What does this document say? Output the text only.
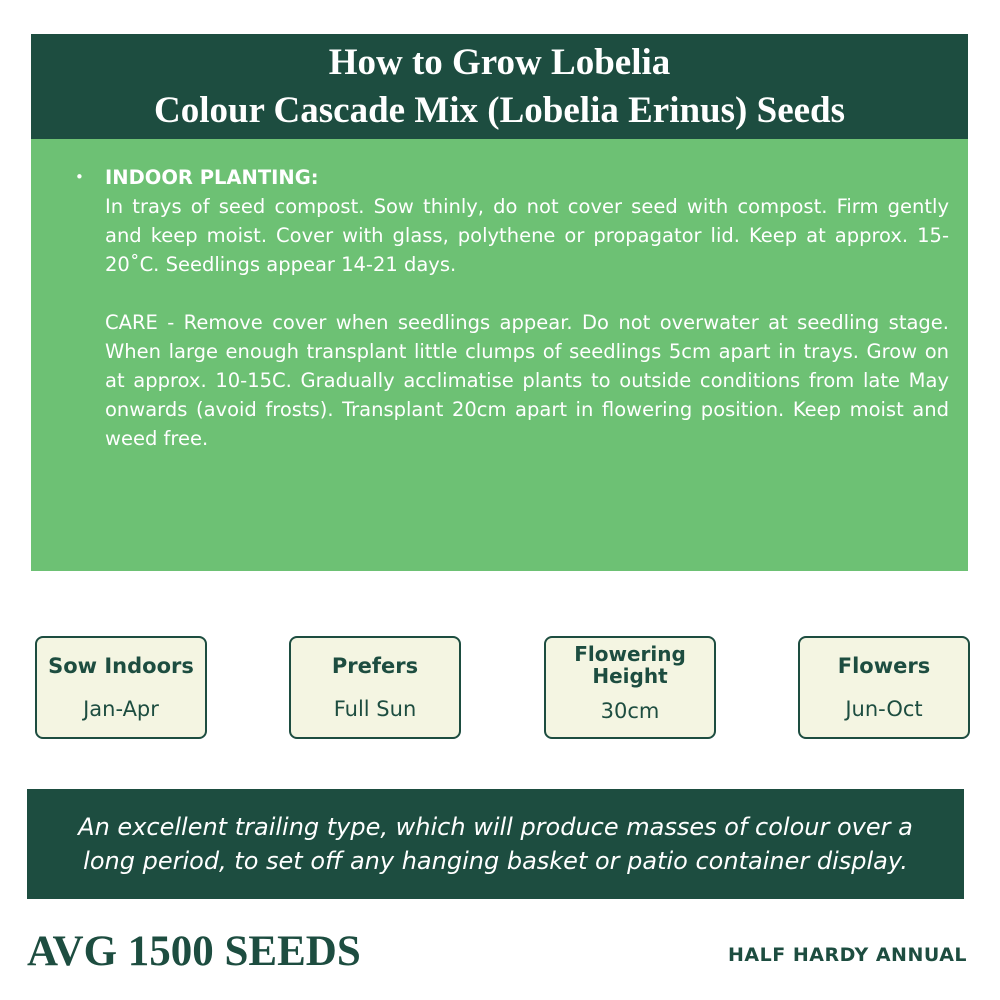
How to Grow Lobelia
Colour Cascade Mix (Lobelia Erinus) Seeds
•	INDOOR PLANTING:
In trays of seed compost. Sow thinly, do not cover seed with compost. Firm gently and keep moist. Cover with glass, polythene or propagator lid. Keep at approx. 15-20˚C. Seedlings appear 14-21 days.
CARE - Remove cover when seedlings appear. Do not overwater at seedling stage. When large enough transplant little clumps of seedlings 5cm apart in trays. Grow on at approx. 10-15C. Gradually acclimatise plants to outside conditions from late May onwards (avoid frosts). Transplant 20cm apart in flowering position. Keep moist and weed free.
Sow Indoors
Jan-Apr
Prefers
Full Sun
Flowering
Height
30cm
Flowers
Jun-Oct
An excellent trailing type, which will produce masses of colour over a long period, to set off any hanging basket or patio container display.
AVG 1500 SEEDS	HALF HARDY ANNUAL
